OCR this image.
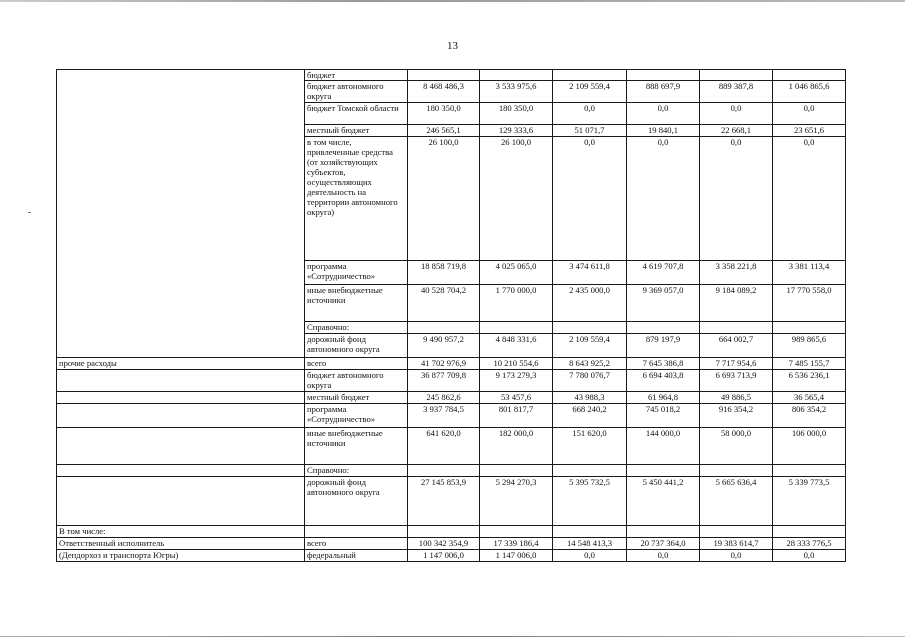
13
	бюджет						
	бюджет автономного округа	8 468 486,3	3 533 975,6	2 109 559,4	888 697,9	889 387,8	1 046 865,6
	бюджет Томской области	180 350,0	180 350,0	0,0	0,0	0,0	0,0
	местный бюджет	246 565,1	129 333,6	51 071,7	19 840,1	22 668,1	23 651,6
	в том числе, привлеченные средства (от хозяйствующих субъектов, осуществляющих деятельность на территории автономного округа)	26 100,0	26 100,0	0,0	0,0	0,0	0,0
	программа «Сотрудничество»	18 858 719,8	4 025 065,0	3 474 611,8	4 619 707,8	3 358 221,8	3 381 113,4
	иные внебюджетные источники	40 528 704,2	1 770 000,0	2 435 000,0	9 369 057,0	9 184 089,2	17 770 558,0
	Справочно:						
	дорожный фонд автономного округа	9 490 957,2	4 848 331,6	2 109 559,4	879 197,9	664 002,7	989 865,6
прочие расходы	всего	41 702 976,9	10 210 554,6	8 643 925,2	7 645 386,8	7 717 954,6	7 485 155,7
	бюджет автономного округа	36 877 709,8	9 173 279,3	7 780 076,7	6 694 403,8	6 693 713,9	6 536 236,1
	местный бюджет	245 862,6	53 457,6	43 988,3	61 964,8	49 886,5	36 565,4
	программа «Сотрудничество»	3 937 784,5	801 817,7	668 240,2	745 018,2	916 354,2	806 354,2
	иные внебюджетные источники	641 620,0	182 000,0	151 620,0	144 000,0	58 000,0	106 000,0
	Справочно:						
	дорожный фонд автономного округа	27 145 853,9	5 294 270,3	5 395 732,5	5 450 441,2	5 665 636,4	5 339 773,5
В том числе:							
Ответственный исполнитель	всего	100 342 354,9	17 339 186,4	14 548 413,3	20 737 364,0	19 383 614,7	28 333 776,5
(Депдорхоз и транспорта Югры)	федеральный	1 147 006,0	1 147 006,0	0,0	0,0	0,0	0,0
